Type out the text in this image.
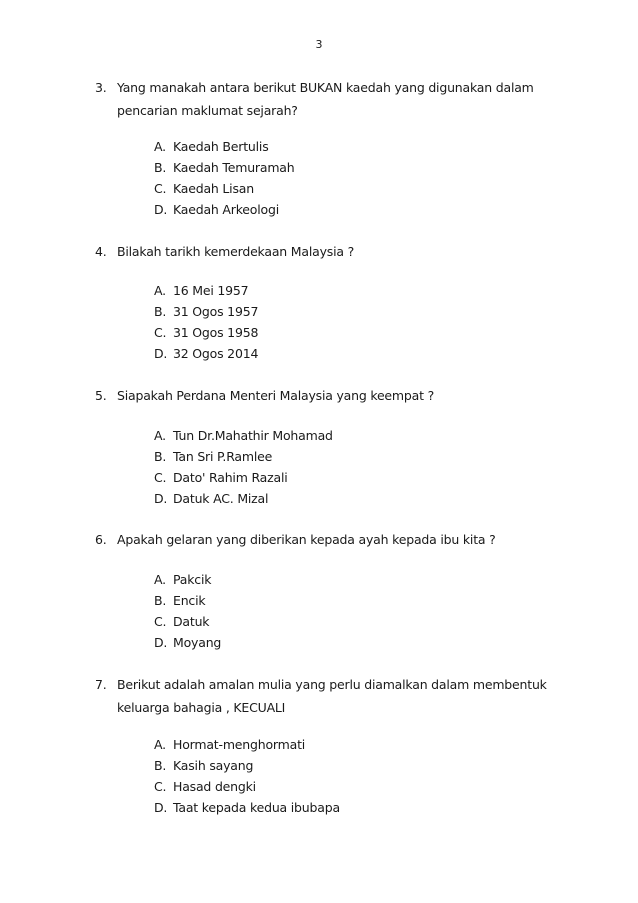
3
3. Yang manakah antara berikut BUKAN kaedah yang digunakan dalam
pencarian maklumat sejarah?
A. Kaedah Bertulis
B. Kaedah Temuramah
C. Kaedah Lisan
D. Kaedah Arkeologi
4. Bilakah tarikh kemerdekaan Malaysia ?
A. 16 Mei 1957
B. 31 Ogos 1957
C. 31 Ogos 1958
D. 32 Ogos 2014
5. Siapakah Perdana Menteri Malaysia yang keempat ?
A. Tun Dr.Mahathir Mohamad
B. Tan Sri P.Ramlee
C. Dato' Rahim Razali
D. Datuk AC. Mizal
6. Apakah gelaran yang diberikan kepada ayah kepada ibu kita ?
A. Pakcik
B. Encik
C. Datuk
D. Moyang
7. Berikut adalah amalan mulia yang perlu diamalkan dalam membentuk
keluarga bahagia , KECUALI
A. Hormat-menghormati
B. Kasih sayang
C. Hasad dengki
D. Taat kepada kedua ibubapa
